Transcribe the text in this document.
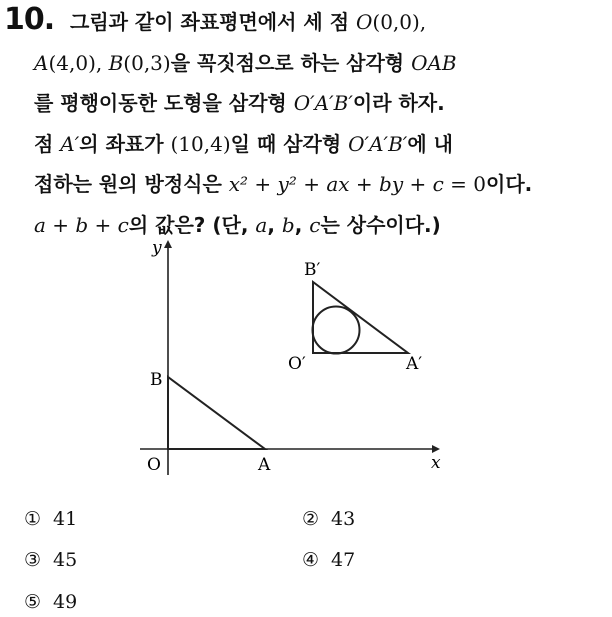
10. 그림과 같이 좌표평면에서 세 점 O(0,0),
A(4,0), B(0,3)을 꼭짓점으로 하는 삼각형 OAB
를 평행이동한 도형을 삼각형 O′A′B′이라 하자.
점 A′의 좌표가 (10,4)일 때 삼각형 O′A′B′에 내
접하는 원의 방정식은 x² + y² + ax + by + c = 0이다.
a + b + c의 값은? (단, a, b, c는 상수이다.)
x
y
O	A
B
O′	A′
B′
① 41	② 43
③ 45	④ 47
⑤ 49
